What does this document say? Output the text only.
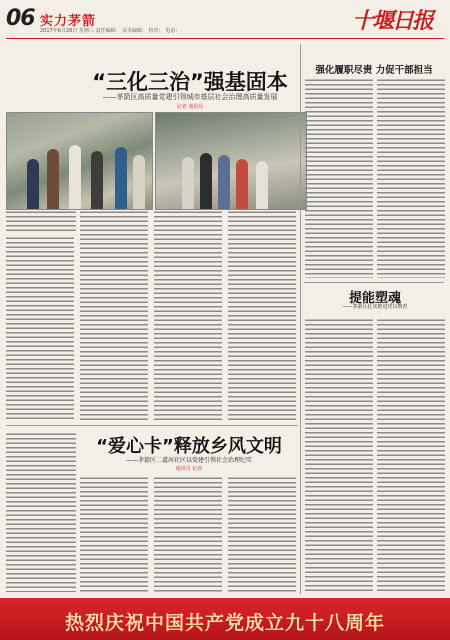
06 实力茅箭
2017年6月28日 星期三 责任编辑： 美术编辑： 校对： 电话：	十堰日报
“三化三治”强基固本
——茅箭区高质量党建引领城市基层社会治理高质量发展
记者 通讯员
强化履职尽责 力促干部担当
提能塑魂
——茅箭区扎实推进党员教育
“爱心卡”释放乡风文明
——茅箭区二道河社区以党建引领社会治理纪实
通讯员 记者
热烈庆祝中国共产党成立九十八周年
